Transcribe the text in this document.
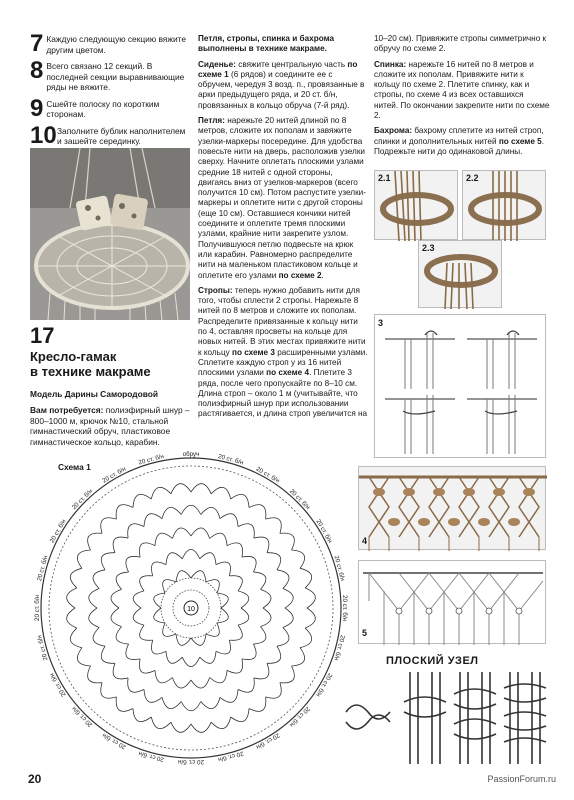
7 Каждую следующую секцию вяжите другим цветом.
8 Всего связано 12 секций. В последней секции выравнивающие ряды не вяжите.
9 Сшейте полоску по коротким сторонам.
10 Заполните бублик наполнителем и зашейте серединку.
17
Кресло-гамак
в технике макраме
Модель Дарины Самородовой
Вам потребуется: полиэфирный шнур – 800–1000 м, крючок №10, стальной гимнастический обруч, пластиковое гимнастическое кольцо, карабин.

Петля, стропы, спинка и бахрома выполнены в технике макраме.

Сиденье: свяжите центральную часть по схеме 1 (6 рядов) и соедините ее с обручем, чередуя 3 возд. п., провязанные в арки предыдущего ряда, и 20 ст. б/н, провязанных в кольцо обруча (7-й ряд).

Петля: нарежьте 20 нитей длиной по 8 метров, сложите их пополам и завяжите узелки-маркеры посередине. Для удобства повесьте нити на дверь, расположив узелки сверху. Начните оплетать плоскими узлами средние 18 нитей с одной стороны, двигаясь вниз от узелков-маркеров (всего получится 10 см). Потом распустите узелки-маркеры и оплетите нити с другой стороны (еще 10 см). Оставшиеся кончики нитей соедините и оплетите тремя плоскими узлами, крайние нити закрепите узлом. Получившуюся петлю подвесьте на крюк или карабин. Равномерно распределите нити на маленьком пластиковом кольце и оплетите его узлами по схеме 2.

Стропы: теперь нужно добавить нити для того, чтобы сплести 2 стропы. Нарежьте 8 нитей по 8 метров и сложите их пополам. Распределите привязанные к кольцу нити по 4, оставляя просветы на кольце для новых нитей. В этих местах привяжите нити к кольцу по схеме 3 расширенными узлами. Сплетите каждую строп у из 16 нитей плоскими узлами по схеме 4. Плетите 3 ряда, после чего пропускайте по 8–10 см. Длина строп – около 1 м (учитывайте, что полиэфирный шнур при использовании растягивается, и длина строп увеличится на

10–20 см). Привяжите стропы симметрично к обручу по схеме 2.

Спинка: нарежьте 16 нитей по 8 метров и сложите их пополам. Привяжите нити к кольцу по схеме 2. Плетите спинку, как и стропы, по схеме 4 из всех оставшихся нитей. По окончании закрепите нити по схеме 2.

Бахрома: бахрому сплетите из нитей строп, спинки и дополнительных нитей по схеме 5. Подрежьте нити до одинаковой длины.

2.1	2.2
2.3
3
4
5
ПЛОСКИЙ УЗЕЛ
Схема 1
10
обруч	20 ст. б/н
20 ст. б/н
20 ст. б/н
20 ст. б/н
20 ст. б/н
20 ст. б/н
20 ст. б/н
20 ст. б/н
20 ст. б/н
20 ст. б/н
20 ст. б/н
20 ст. б/н
20 ст. б/н
20 ст. б/н
20 ст. б/н
20 ст. б/н
20 ст. б/н
20 ст. б/н
20 ст. б/н
20 ст. б/н
20 ст. б/н
20 ст. б/н
20 ст. б/н
20	PassionForum.ru
